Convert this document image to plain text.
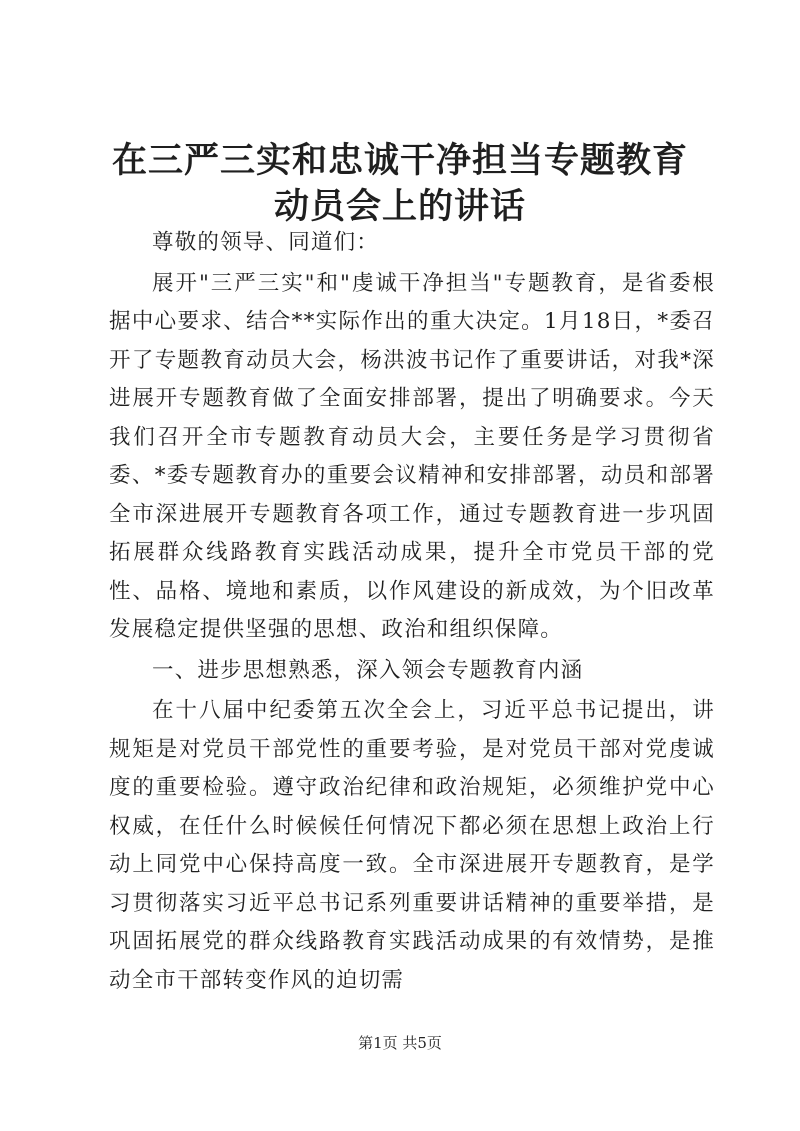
在三严三实和忠诚干净担当专题教育动员会上的讲话

尊敬的领导、同道们：

展开"三严三实"和"虔诚干净担当"专题教育，是省委根据中心要求、结合**实际作出的重大决定。1月18日，*委召开了专题教育动员大会，杨洪波书记作了重要讲话，对我*深进展开专题教育做了全面安排部署，提出了明确要求。今天我们召开全市专题教育动员大会，主要任务是学习贯彻省委、*委专题教育办的重要会议精神和安排部署，动员和部署全市深进展开专题教育各项工作，通过专题教育进一步巩固拓展群众线路教育实践活动成果，提升全市党员干部的党性、品格、境地和素质，以作风建设的新成效，为个旧改革发展稳定提供坚强的思想、政治和组织保障。

一、进步思想熟悉，深入领会专题教育内涵

在十八届中纪委第五次全会上，习近平总书记提出，讲规矩是对党员干部党性的重要考验，是对党员干部对党虔诚度的重要检验。遵守政治纪律和政治规矩，必须维护党中心权威，在任什么时候候任何情况下都必须在思想上政治上行动上同党中心保持高度一致。全市深进展开专题教育，是学习贯彻落实习近平总书记系列重要讲话精神的重要举措，是巩固拓展党的群众线路教育实践活动成果的有效情势，是推动全市干部转变作风的迫切需

第1页 共5页
